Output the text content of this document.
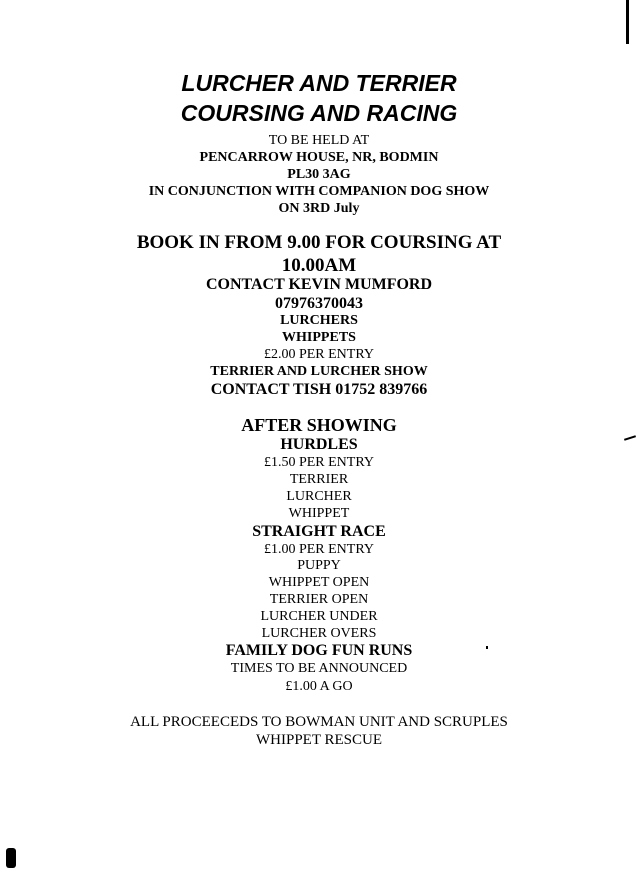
LURCHER AND TERRIER
COURSING AND RACING
TO BE HELD AT
PENCARROW HOUSE, NR, BODMIN
PL30 3AG
IN CONJUNCTION WITH COMPANION DOG SHOW
ON 3RD July
BOOK IN FROM 9.00 FOR COURSING AT
10.00AM
CONTACT KEVIN MUMFORD
07976370043
LURCHERS
WHIPPETS
£2.00 PER ENTRY
TERRIER AND LURCHER SHOW
CONTACT TISH 01752 839766
AFTER SHOWING
HURDLES
£1.50 PER ENTRY
TERRIER
LURCHER
WHIPPET
STRAIGHT RACE
£1.00 PER ENTRY
PUPPY
WHIPPET OPEN
TERRIER OPEN
LURCHER UNDER
LURCHER OVERS
FAMILY DOG FUN RUNS
TIMES TO BE ANNOUNCED
£1.00 A GO
ALL PROCEECEDS TO BOWMAN UNIT AND SCRUPLES
WHIPPET RESCUE
